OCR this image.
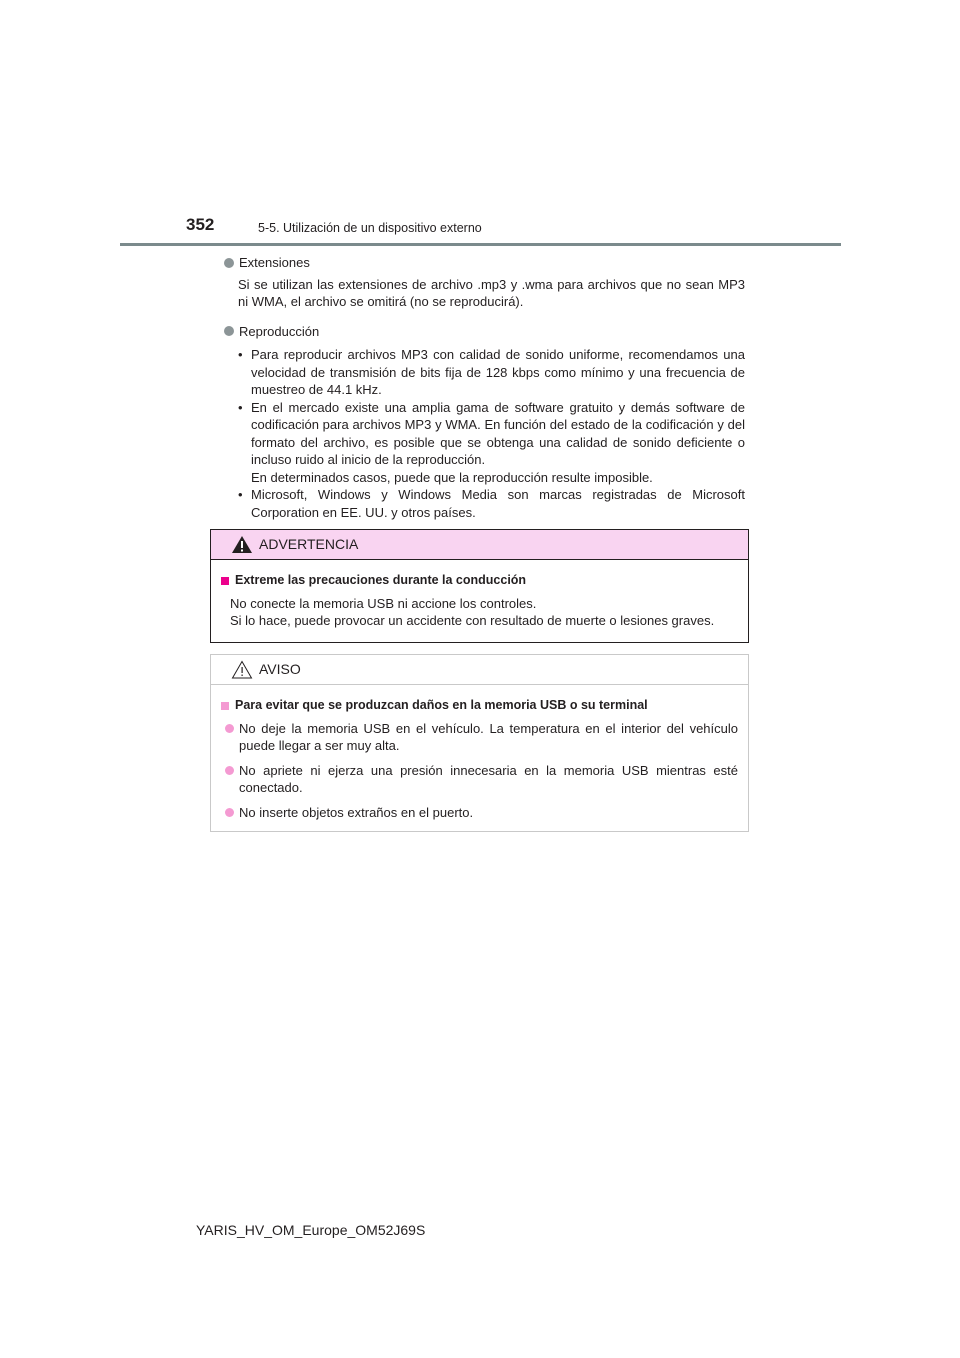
352	5-5. Utilización de un dispositivo externo
Extensiones

Si se utilizan las extensiones de archivo .mp3 y .wma para archivos que no sean MP3 ni WMA, el archivo se omitirá (no se reproducirá).

Reproducción
• Para reproducir archivos MP3 con calidad de sonido uniforme, recomendamos una velocidad de transmisión de bits fija de 128 kbps como mínimo y una frecuencia de muestreo de 44.1 kHz.
• En el mercado existe una amplia gama de software gratuito y demás software de codificación para archivos MP3 y WMA. En función del estado de la codificación y del formato del archivo, es posible que se obtenga una calidad de sonido deficiente o incluso ruido al inicio de la reproducción.
En determinados casos, puede que la reproducción resulte imposible.
• Microsoft, Windows y Windows Media son marcas registradas de Microsoft Corporation en EE. UU. y otros países.
ADVERTENCIA
Extreme las precauciones durante la conducción
No conecte la memoria USB ni accione los controles.
Si lo hace, puede provocar un accidente con resultado de muerte o lesiones graves.
AVISO
Para evitar que se produzcan daños en la memoria USB o su terminal
No deje la memoria USB en el vehículo. La temperatura en el interior del vehículo puede llegar a ser muy alta.
No apriete ni ejerza una presión innecesaria en la memoria USB mientras esté conectado.
No inserte objetos extraños en el puerto.
YARIS_HV_OM_Europe_OM52J69S
